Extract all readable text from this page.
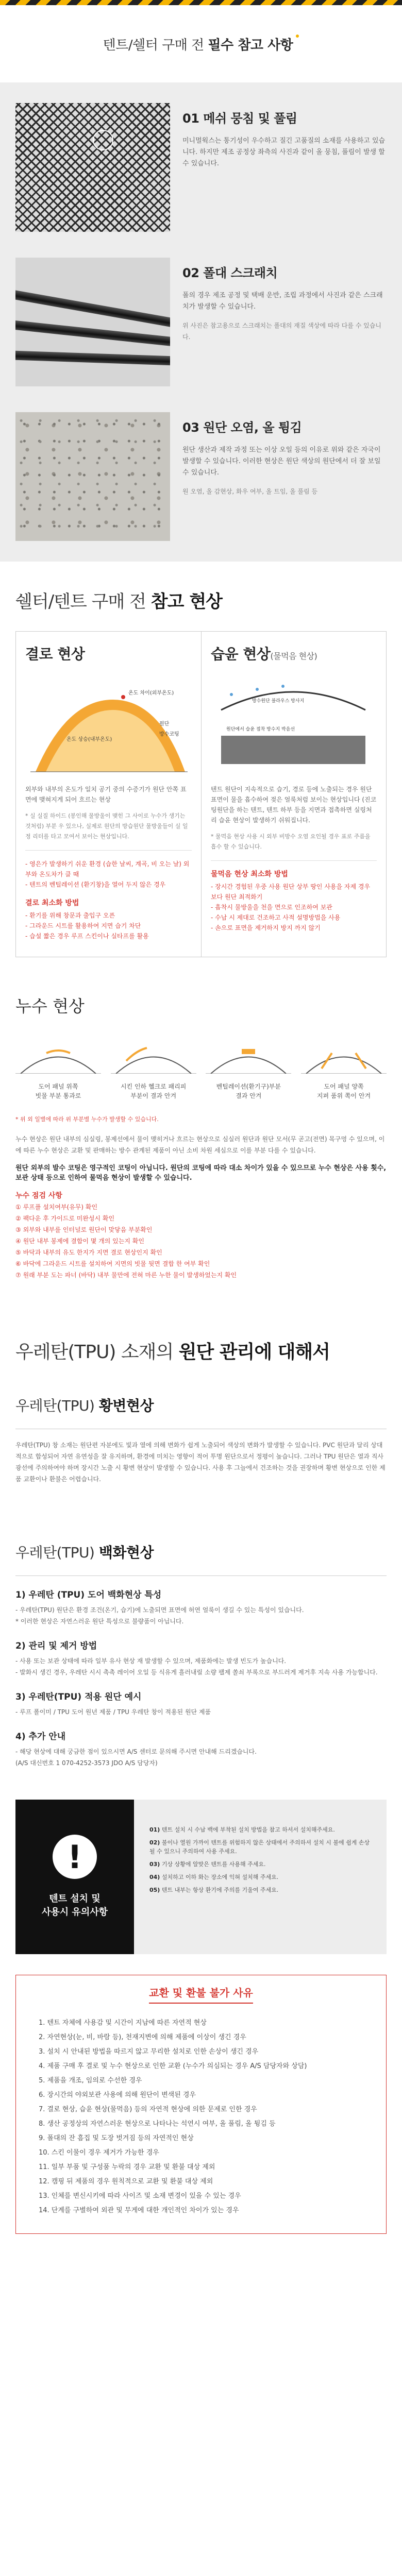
텐트/쉘터 구매 전 필수 참고 사항
01 메쉬 뭉침 및 풀림

미니멀웍스는 통기성이 우수하고 질긴 고품질의 소재를 사용하고 있습니다. 하지만 제조 공정상 좌측의 사진과 같이 올 뭉침, 풀림이 발생 할 수 있습니다.

02 폴대 스크래치

폴의 경우 제조 공정 및 택배 운반, 조립 과정에서 사진과 같은 스크래치가 발생할 수 있습니다.

위 사진은 참고용으로 스크래치는 폴대의 재질 색상에 따라 다를 수 있습니다.

03 원단 오염, 올 튕김

원단 생산과 제작 과정 또는 이상 오일 등의 이유로 위와 같은 자국이 발생할 수 있습니다. 이러한 현상은 원단 색상의 원단에서 더 잘 보일 수 있습니다.

원 오염, 올 감현상, 화우 여부, 올 트임, 올 풀림 등

쉘터/텐트 구매 전 참고 현상
결로 현상
온도 차이(외부온도)
온도 상승(내부온도)
원단
방수코팅

외부와 내부의 온도가 일치 공기 중의 수증기가 원단 안쪽 표면에 맺혀지게 되어 흐르는 현상

* 실 실질 하이드 (봉인해 물방울이 맺힌 그 사이로 누수가 생기는 것처럼) 부분 우 있으나, 실제로 원단의 방습원단 물방울들이 실 일정 리터를 타고 모여서 보이는 현상입니다.

- 영은가 발생하기 쉬운 환경 (습한 날씨, 계곡, 비 오는 날) 외부와 온도차가 클 때

- 텐트의 벤틸레이션 (환기창)을 열어 두지 않은 경우

결로 최소화 방법

- 환기를 위해 창문과 출입구 오픈

- 그라운드 시트를 활용하여 지면 습기 차단

- 습설 짧은 경우 루프 스킨이나 실타프를 활용

습윤 현상(물먹음 현상)
방수원단 블라우스 방사지
원단에서 습윤 접착 방수지 박음선

텐트 원단이 지속적으로 습기, 경로 등에 노출되는 경우 원단 표면이 물을 흡수하여 젖은 얼룩처럼 보이는 현상입니다 (진코팅원단을 하는 텐트, 텐트 하부 등을 지면과 접촉하면 실링처리 습윤 현상이 발생하기 쉬워집니다.

* 물먹음 현상 사용 시 외부 비방수 오염 요인될 경우 표로 주름을 흡수 할 수 있습니다.

물먹음 현상 최소화 방법

- 장시간 경험된 우중 사용 원단 상부 땅인 사용을 자제 경우 보다 원단 최적화기

- 흡착시 물방울을 천을 면으로 인조하여 보관

- 수납 시 제대로 건조하고 사적 설명방법을 사용

- 손으로 표면을 제거하지 방지 까지 않기

누수 현상
도어 패널 위쪽
빗물 부분 통과로
시킨 인하 헬크로 패리피
부분이 결과 안겨
벤틸레이션(환기구)부분
결과 안겨
도어 패널 양쪽
지퍼 품위 쪽이 안겨

* 위 외 일별에 따라 위 부분별 누수가 발생할 수 있습니다.

누수 현상은 원단 내부의 심실링, 봉제선에서 물이 맺히거나 흐르는 현상으로 심실러 원단과 원단 모서(무 곧고(전면) 목구멍 수 있으며, 이에 따른 누수 현상은 교환 및 판매하는 방수 관계된 제품이 아닌 소비 차원 세심으로 이를 부분 다를 수 있습니다.

원단 외부의 발수 코팅은 영구적인 코팅이 아닙니다. 원단의 코팅에 따라 대소 차이가 있을 수 있으므로 누수 현상은 사용 횟수, 보관 상태 등으로 인하여 물먹음 현상이 발생할 수 있습니다.

누수 점검 사항

① 루프플 설치여부(유무) 확인

② 팩다운 후 가이드로 미완성시 확인

③ 외부와 내부를 인터널로 원단이 맞닿음 부분확인

④ 원단 내부 봉제에 결합이 몇 개의 있는지 확인

⑤ 바닥과 내부의 유도 한지가 지면 결로 현상인지 확인

⑥ 바닥에 그라운드 시트를 설치하여 지면의 빗물 뒷면 결합 한 여부 확인

⑦ 원래 부분 도는 파너 (바닥) 내부 물만에 전혀 마른 누한 물이 발생하었는지 확인

우레탄(TPU) 소재의 원단 관리에 대해서
우레탄(TPU) 황변현상

우레탄(TPU) 창 소재는 원단편 자분에도 빛과 열에 의해 변화가 쉽게 노출되어 색상의 변화가 발생할 수 있습니다. PVC 원단과 달리 상대적으로 합성되어 자연 유연성을 잘 유지하며, 환경에 미치는 영향이 적어 투명 원단으로서 정평이 높습니다. 그러나 TPU 원단은 열과 직사광선에 주의하여야 하며 장시간 노출 시 황변 현상이 발생할 수 있습니다. 사용 후 그늘에서 건조하는 것을 권장하며 황변 현상으로 인한 제품 교환이나 환불은 어렵습니다.

우레탄(TPU) 백화현상
1) 우레탄 (TPU) 도어 백화현상 특성

- 우레탄(TPU) 원단은 환경 조건(온기, 습기)에 노출되면 표면에 허연 얼룩이 생길 수 있는 특성이 있습니다.

* 이러한 현상은 자연스러운 원단 특성으로 불량품이 아닙니다.

2) 관리 및 제거 방법

- 사용 또는 보관 상태에 따라 일부 유사 현상 재 발생할 수 있으며, 제품화에는 발생 빈도가 높습니다.

- 발화시 생긴 경우, 우레탄 시시 촉촉 레이어 오일 등 식유게 흘러내릴 소량 팰제 쏠쇠 부록으로 부드러게 제거후 지속 사용 가능합니다.

3) 우레탄(TPU) 적용 원단 예시

- 루프 폴이미 / TPU 도어 원년 제품 / TPU 우레탄 창이 적용된 원단 제품

4) 추가 안내

- 해당 현상에 대해 궁금한 점이 있으시면 A/S 센터로 문의해 주시면 안내해 드리겠습니다.

(A/S 대신번호 1 070-4252-3573 JDO A/S 담당자)

!
텐트 설치 및
사용시 유의사항

01) 텐트 설치 시 수납 백에 부착된 설치 방법을 참고 하셔서 설치해주세요.

02) 불이나 열원 가까이 텐트를 위험하지 않은 상태에서 주의하셔 설치 시 불에 쉽게 손상될 수 있으니 주의하여 사용 주세요.

03) 기상 상황에 알맞은 텐트를 사용해 주세요.

04) 설치하고 이하 화는 장소에 익혀 설치해 주세요.

05) 텐트 내부는 항상 환기에 주의를 기울여 주세요.

교환 및 환불 불가 사유
1. 텐트 자체에 사용감 및 시간이 지남에 따른 자연적 현상
2. 자연현상(눈, 비, 바람 등), 천재지변에 의해 제품에 이상이 생긴 경우
3. 설치 시 안내된 방법을 따르지 않고 무리한 설치로 인한 손상이 생긴 경우
4. 제품 구매 후 결로 및 누수 현상으로 인한 교환 (누수가 의심되는 경우 A/S 담당자와 상담)
5. 제품을 개조, 임의로 수선한 경우
6. 장시간의 야외보관 사용에 의해 원단이 변색된 경우
7. 결로 현상, 습윤 현상(물먹음) 등의 자연적 현상에 의한 문제로 인한 경우
8. 생산 공정상의 자연스러운 현상으로 나타나는 석연시 여부, 올 풀림, 올 튕김 등
9. 폴대의 잔 흠집 및 도장 벗겨짐 등의 자연적인 현상
10. 스킨 이물이 경우 제거가 가능한 경우
11. 일부 부품 및 구성품 누락의 경우 교환 및 환불 대상 제외
12. 캠핑 뒤 제품의 경우 원칙적으로 교환 및 환불 대상 제외
13. 인체를 변신시키에 따라 사이즈 및 소재 변경이 있을 수 있는 경우
14. 단계를 구별하여 외관 및 무게에 대한 개인적인 차이가 있는 경우
